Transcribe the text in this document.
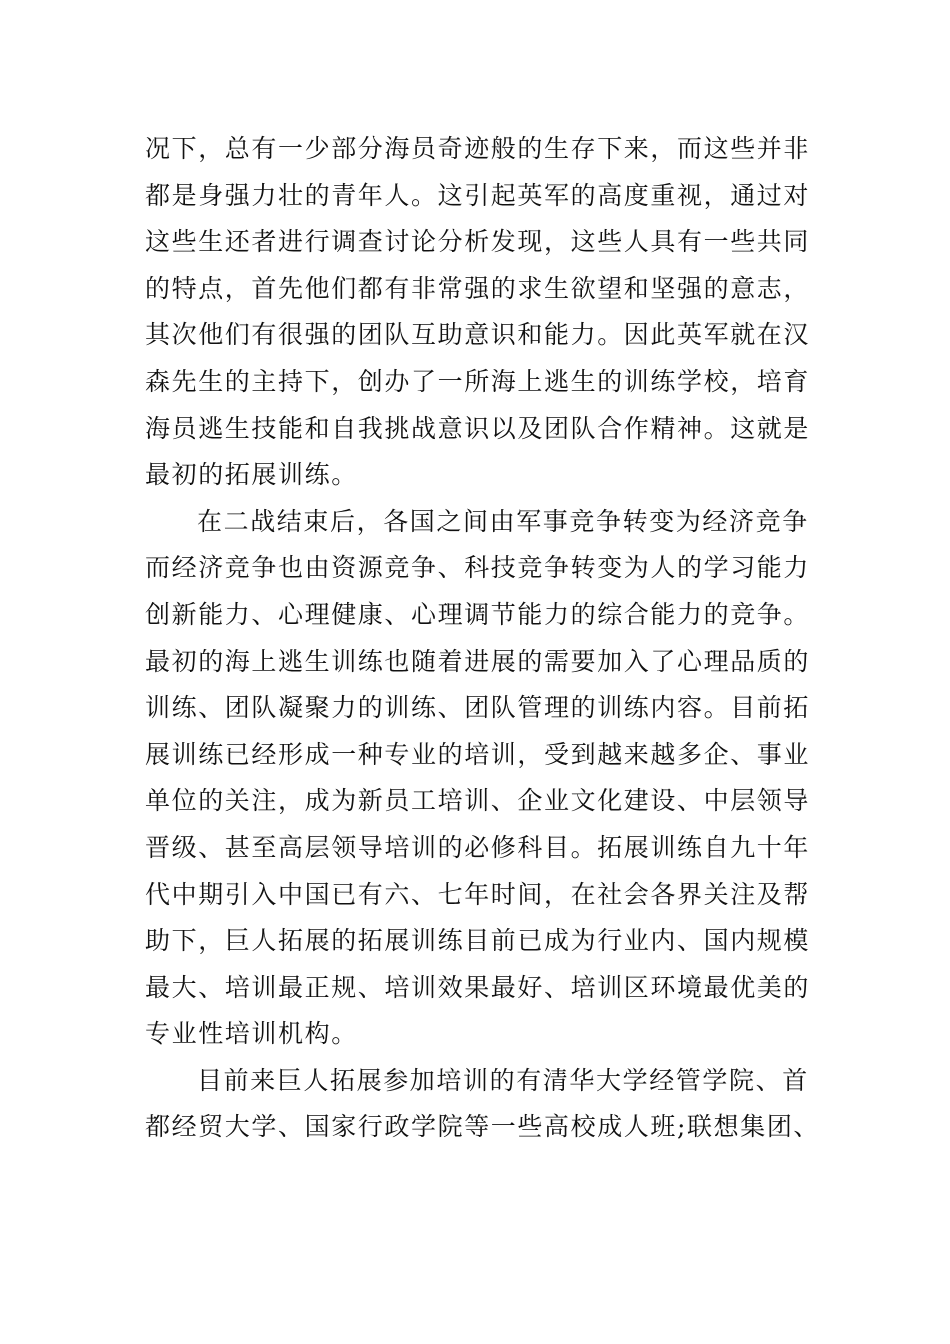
况下，总有一少部分海员奇迹般的生存下来，而这些并非
都是身强力壮的青年人。这引起英军的高度重视，通过对
这些生还者进行调查讨论分析发现，这些人具有一些共同
的特点，首先他们都有非常强的求生欲望和坚强的意志，
其次他们有很强的团队互助意识和能力。因此英军就在汉
森先生的主持下，创办了一所海上逃生的训练学校，培育
海员逃生技能和自我挑战意识以及团队合作精神。这就是
最初的拓展训练。
在二战结束后，各国之间由军事竞争转变为经济竞争
而经济竞争也由资源竞争、科技竞争转变为人的学习能力
创新能力、心理健康、心理调节能力的综合能力的竞争。
最初的海上逃生训练也随着进展的需要加入了心理品质的
训练、团队凝聚力的训练、团队管理的训练内容。目前拓
展训练已经形成一种专业的培训，受到越来越多企、事业
单位的关注，成为新员工培训、企业文化建设、中层领导
晋级、甚至高层领导培训的必修科目。拓展训练自九十年
代中期引入中国已有六、七年时间，在社会各界关注及帮
助下，巨人拓展的拓展训练目前已成为行业内、国内规模
最大、培训最正规、培训效果最好、培训区环境最优美的
专业性培训机构。
目前来巨人拓展参加培训的有清华大学经管学院、首
都经贸大学、国家行政学院等一些高校成人班;联想集团、
